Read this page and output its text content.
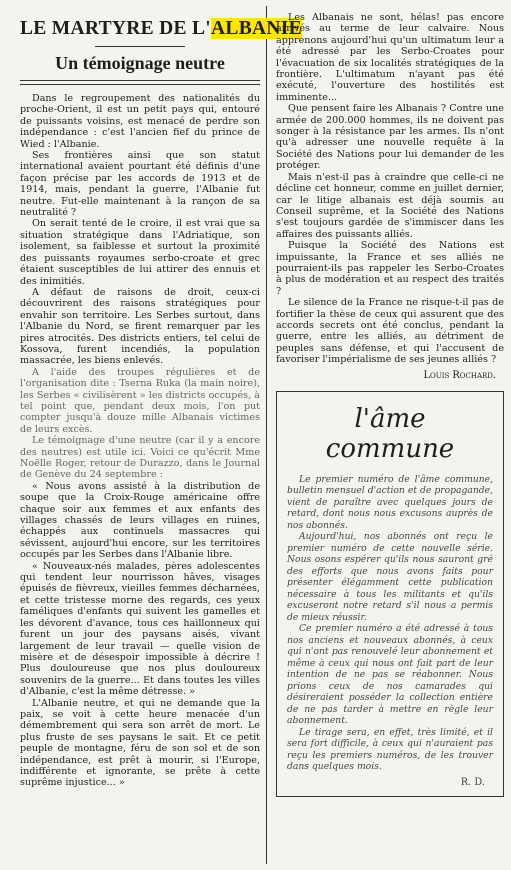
LE MARTYRE DE L'ALBANIE
Un témoignage neutre

Dans le regroupement des nationalités du proche-Orient, il est un petit pays qui, entouré de puissants voisins, est menacé de perdre son indépendance : c'est l'ancien fief du prince de Wied : l'Albanie.

Ses frontières ainsi que son statut international avaient pourtant été définis d'une façon précise par les accords de 1913 et de 1914, mais, pendant la guerre, l'Albanie fut neutre. Fut-elle maintenant à la rançon de sa neutralité ?

On serait tenté de le croire, il est vrai que sa situation stratégique dans l'Adriatique, son isolement, sa faiblesse et surtout la proximité des puissants royaumes serbo-croate et grec étaient susceptibles de lui attirer des ennuis et des inimitiés.

A défaut de raisons de droit, ceux-ci découvrirent des raisons stratégiques pour envahir son territoire. Les Serbes surtout, dans l'Albanie du Nord, se firent remarquer par les pires atrocités. Des districts entiers, tel celui de Kossova, furent incendiés, la population massacrée, les biens enlevés.

A l'aide des troupes régulières et de l'organisation dite : Tserna Ruka (la main noire), les Serbes « civilisèrent » les districts occupés, à tel point que, pendant deux mois, l'on put compter jusqu'à douze mille Albanais victimes de leurs excès.

Le témoignage d'une neutre (car il y a encore des neutres) est utile ici. Voici ce qu'écrit Mme Noëlle Roger, retour de Durazzo, dans le Journal de Genève du 24 septembre :

« Nous avons assisté à la distribution de soupe que la Croix-Rouge américaine offre chaque soir aux femmes et aux enfants des villages chassés de leurs villages en ruines, échappés aux continuels massacres qui sévissent, aujourd'hui encore, sur les territoires occupés par les Serbes dans l'Albanie libre.

« Nouveaux-nés malades, pères adolescentes qui tendent leur nourrisson hâves, visages épuisés de fièvreux, vieilles femmes décharnées, et cette tristesse morne des regards, ces yeux faméliques d'enfants qui suivent les gamelles et les dévorent d'avance, tous ces haillonneux qui furent un jour des paysans aisés, vivant largement de leur travail — quelle vision de misère et de désespoir impossible à décrire ! Plus douloureuse que nos plus douloureux souvenirs de la guerre... Et dans toutes les villes d'Albanie, c'est la même détresse. »

L'Albanie neutre, et qui ne demande que la paix, se voit à cette heure menacée d'un démembrement qui sera son arrêt de mort. Le plus fruste de ses paysans le sait. Et ce petit peuple de montagne, féru de son sol et de son indépendance, est prêt à mourir, si l'Europe, indifférente et ignorante, se prête à cette suprême injustice... »

Les Albanais ne sont, hélas! pas encore arrivés au terme de leur calvaire. Nous apprenons aujourd'hui qu'un ultimatum leur a été adressé par les Serbo-Croates pour l'évacuation de six localités stratégiques de la frontière. L'ultimatum n'ayant pas été exécuté, l'ouverture des hostilités est imminente...

Que pensent faire les Albanais ? Contre une armée de 200.000 hommes, ils ne doivent pas songer à la résistance par les armes. Ils n'ont qu'à adresser une nouvelle requête à la Société des Nations pour lui demander de les protéger.

Mais n'est-il pas à craindre que celle-ci ne décline cet honneur, comme en juillet dernier, car le litige albanais est déjà soumis au Conseil suprême, et la Société des Nations s'est toujours gardée de s'immiscer dans les affaires des puissants alliés.

Puisque la Société des Nations est impuissante, la France et ses alliés ne pourraient-ils pas rappeler les Serbo-Croates à plus de modération et au respect des traités ?

Le silence de la France ne risque-t-il pas de fortifier la thèse de ceux qui assurent que des accords secrets ont été conclus, pendant la guerre, entre les alliés, au détriment de peuples sans défense, et qui l'accusent de favoriser l'impérialisme de ses jeunes alliés ?

Louis Rochard.
l'âme commune

Le premier numéro de l'âme commune, bulletin mensuel d'action et de propagande, vient de paraître avec quelques jours de retard, dont nous nous excusons auprès de nos abonnés.

Aujourd'hui, nos abonnés ont reçu le premier numéro de cette nouvelle série. Nous osons espérer qu'ils nous sauront gré des efforts que nous avons faits pour présenter élégamment cette publication nécessaire à tous les militants et qu'ils excuseront notre retard s'il nous a permis de mieux réussir.

Ce premier numéro a été adressé à tous nos anciens et nouveaux abonnés, à ceux qui n'ont pas renouvelé leur abonnement et même à ceux qui nous ont fait part de leur intention de ne pas se réabonner. Nous prions ceux de nos camarades qui désireraient posséder la collection entière de ne pas tarder à mettre en règle leur abonnement.

Le tirage sera, en effet, très limité, et il sera fort difficile, à ceux qui n'auraient pas reçu les premiers numéros, de les trouver dans quelques mois.

R. D.
